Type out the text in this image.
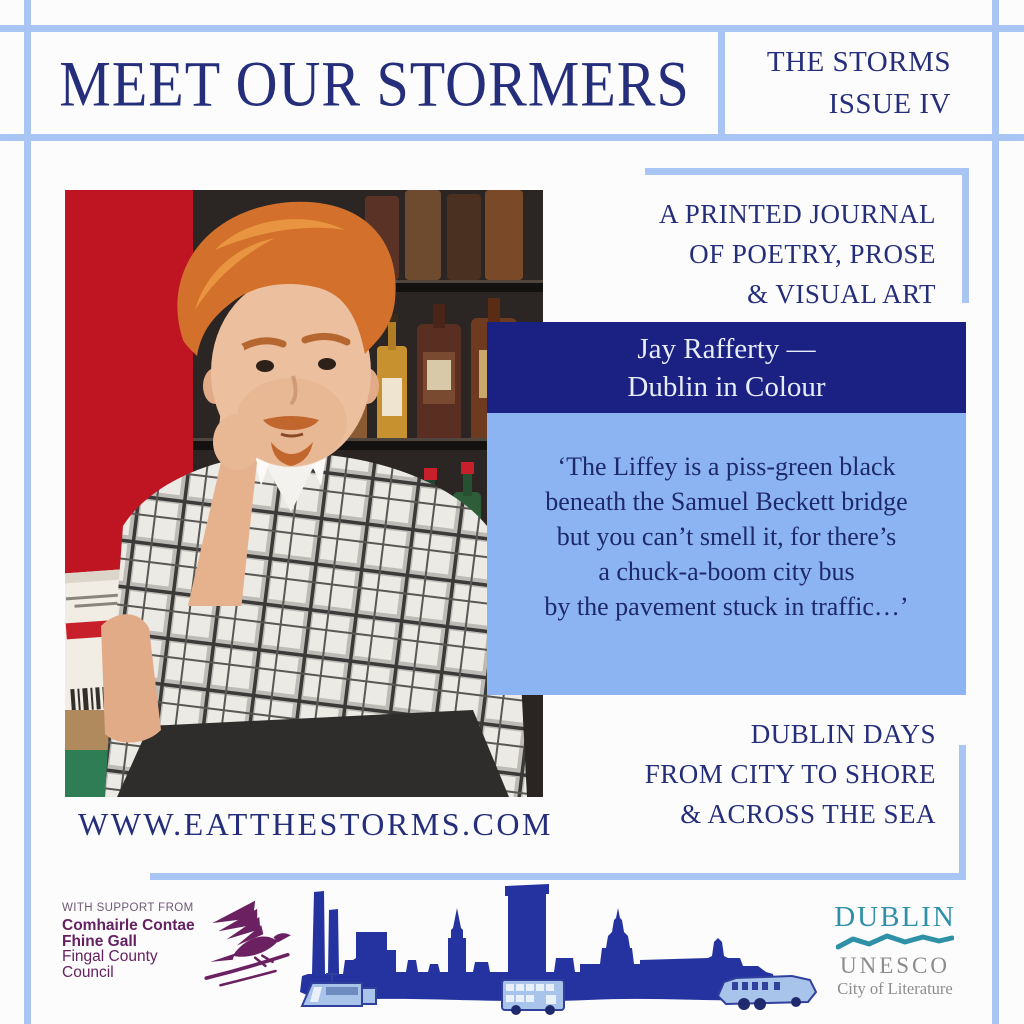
MEET OUR STORMERS	THE STORMS
ISSUE IV
A PRINTED JOURNAL
OF POETRY, PROSE
& VISUAL ART
Jay Rafferty —
Dublin in Colour
‘The Liffey is a piss-green black
beneath the Samuel Beckett bridge
but you can’t smell it, for there’s
a chuck-a-boom city bus
by the pavement stuck in traffic…’
DUBLIN DAYS
FROM CITY TO SHORE
& ACROSS THE SEA
WWW.EATTHESTORMS.COM
WITH SUPPORT FROM
Comhairle Contae
Fhine Gall
Fingal County
Council
DUBLIN
UNESCO
City of Literature
